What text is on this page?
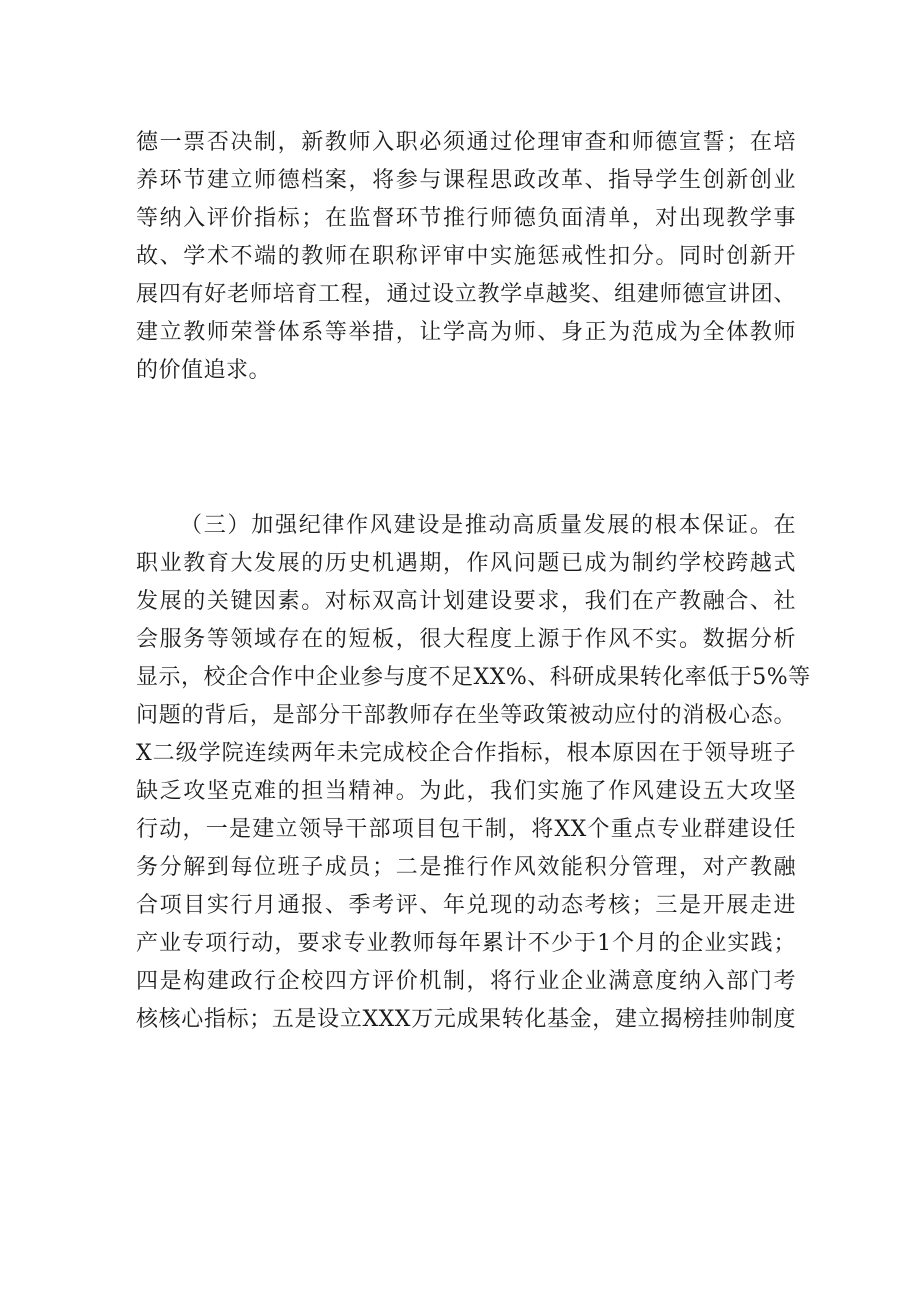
德一票否决制，新教师入职必须通过伦理审查和师德宣誓；在培
养环节建立师德档案，将参与课程思政改革、指导学生创新创业
等纳入评价指标；在监督环节推行师德负面清单，对出现教学事
故、学术不端的教师在职称评审中实施惩戒性扣分。同时创新开
展四有好老师培育工程，通过设立教学卓越奖、组建师德宣讲团、
建立教师荣誉体系等举措，让学高为师、身正为范成为全体教师
的价值追求。
（三）加强纪律作风建设是推动高质量发展的根本保证。在
职业教育大发展的历史机遇期，作风问题已成为制约学校跨越式
发展的关键因素。对标双高计划建设要求，我们在产教融合、社
会服务等领域存在的短板，很大程度上源于作风不实。数据分析
显示，校企合作中企业参与度不足XX%、科研成果转化率低于5%等
问题的背后，是部分干部教师存在坐等政策被动应付的消极心态。
X二级学院连续两年未完成校企合作指标，根本原因在于领导班子
缺乏攻坚克难的担当精神。为此，我们实施了作风建设五大攻坚
行动，一是建立领导干部项目包干制，将XX个重点专业群建设任
务分解到每位班子成员；二是推行作风效能积分管理，对产教融
合项目实行月通报、季考评、年兑现的动态考核；三是开展走进
产业专项行动，要求专业教师每年累计不少于1个月的企业实践；
四是构建政行企校四方评价机制，将行业企业满意度纳入部门考
核核心指标；五是设立XXX万元成果转化基金，建立揭榜挂帅制度
